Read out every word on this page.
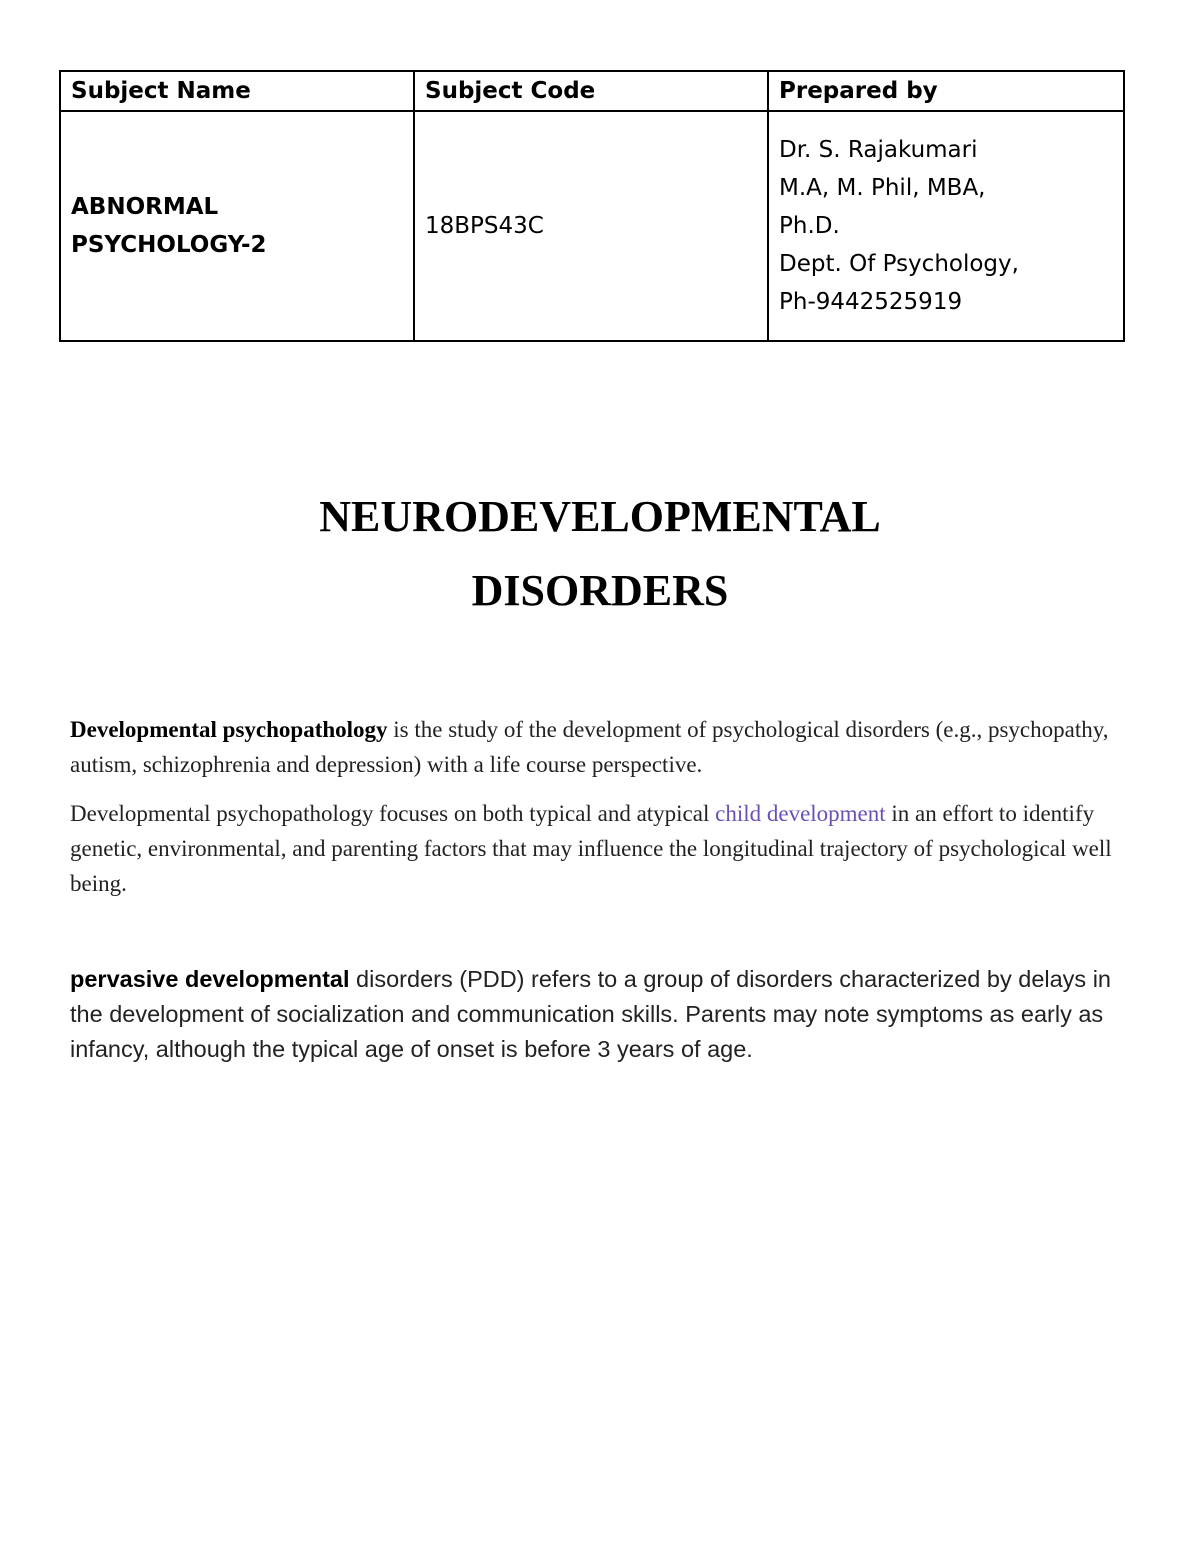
Subject Name	Subject Code	Prepared by

ABNORMAL
PSYCHOLOGY-2	18BPS43C	Dr. S. Rajakumari
M.A, M. Phil, MBA,
Ph.D.
Dept. Of Psychology,
Ph-9442525919
NEURODEVELOPMENTAL
DISORDERS

Developmental psychopathology is the study of the development of psychological disorders (e.g., psychopathy, autism, schizophrenia and depression) with a life course perspective.

Developmental psychopathology focuses on both typical and atypical child development in an effort to identify genetic, environmental, and parenting factors that may influence the longitudinal trajectory of psychological well being.

pervasive developmental disorders (PDD) refers to a group of disorders characterized by delays in the development of socialization and communication skills. Parents may note symptoms as early as infancy, although the typical age of onset is before 3 years of age.
